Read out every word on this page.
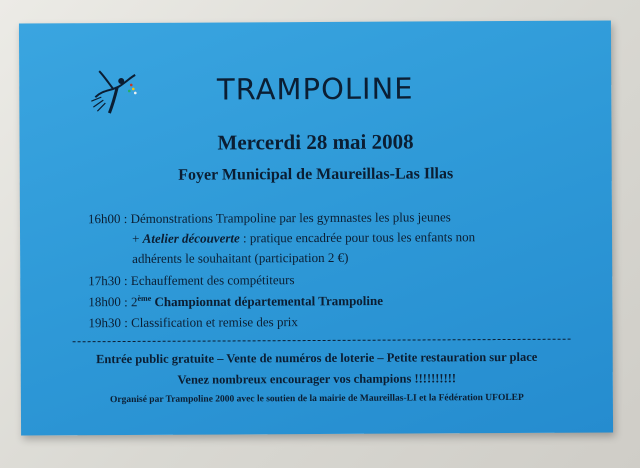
TRAMPOLINE
Mercerdi 28 mai 2008
Foyer Municipal de Maureillas-Las Illas
16h00 : Démonstrations Trampoline par les gymnastes les plus jeunes
+ Atelier découverte : pratique encadrée pour tous les enfants non
adhérents le souhaitant (participation 2 €)
17h30 : Echauffement des compétiteurs
18h00 : 2ème Championnat départemental Trampoline
19h30 : Classification et remise des prix
Entrée public gratuite – Vente de numéros de loterie – Petite restauration sur place
Venez nombreux encourager vos champions !!!!!!!!!!
Organisé par Trampoline 2000 avec le soutien de la mairie de Maureillas-LI et la Fédération UFOLEP
